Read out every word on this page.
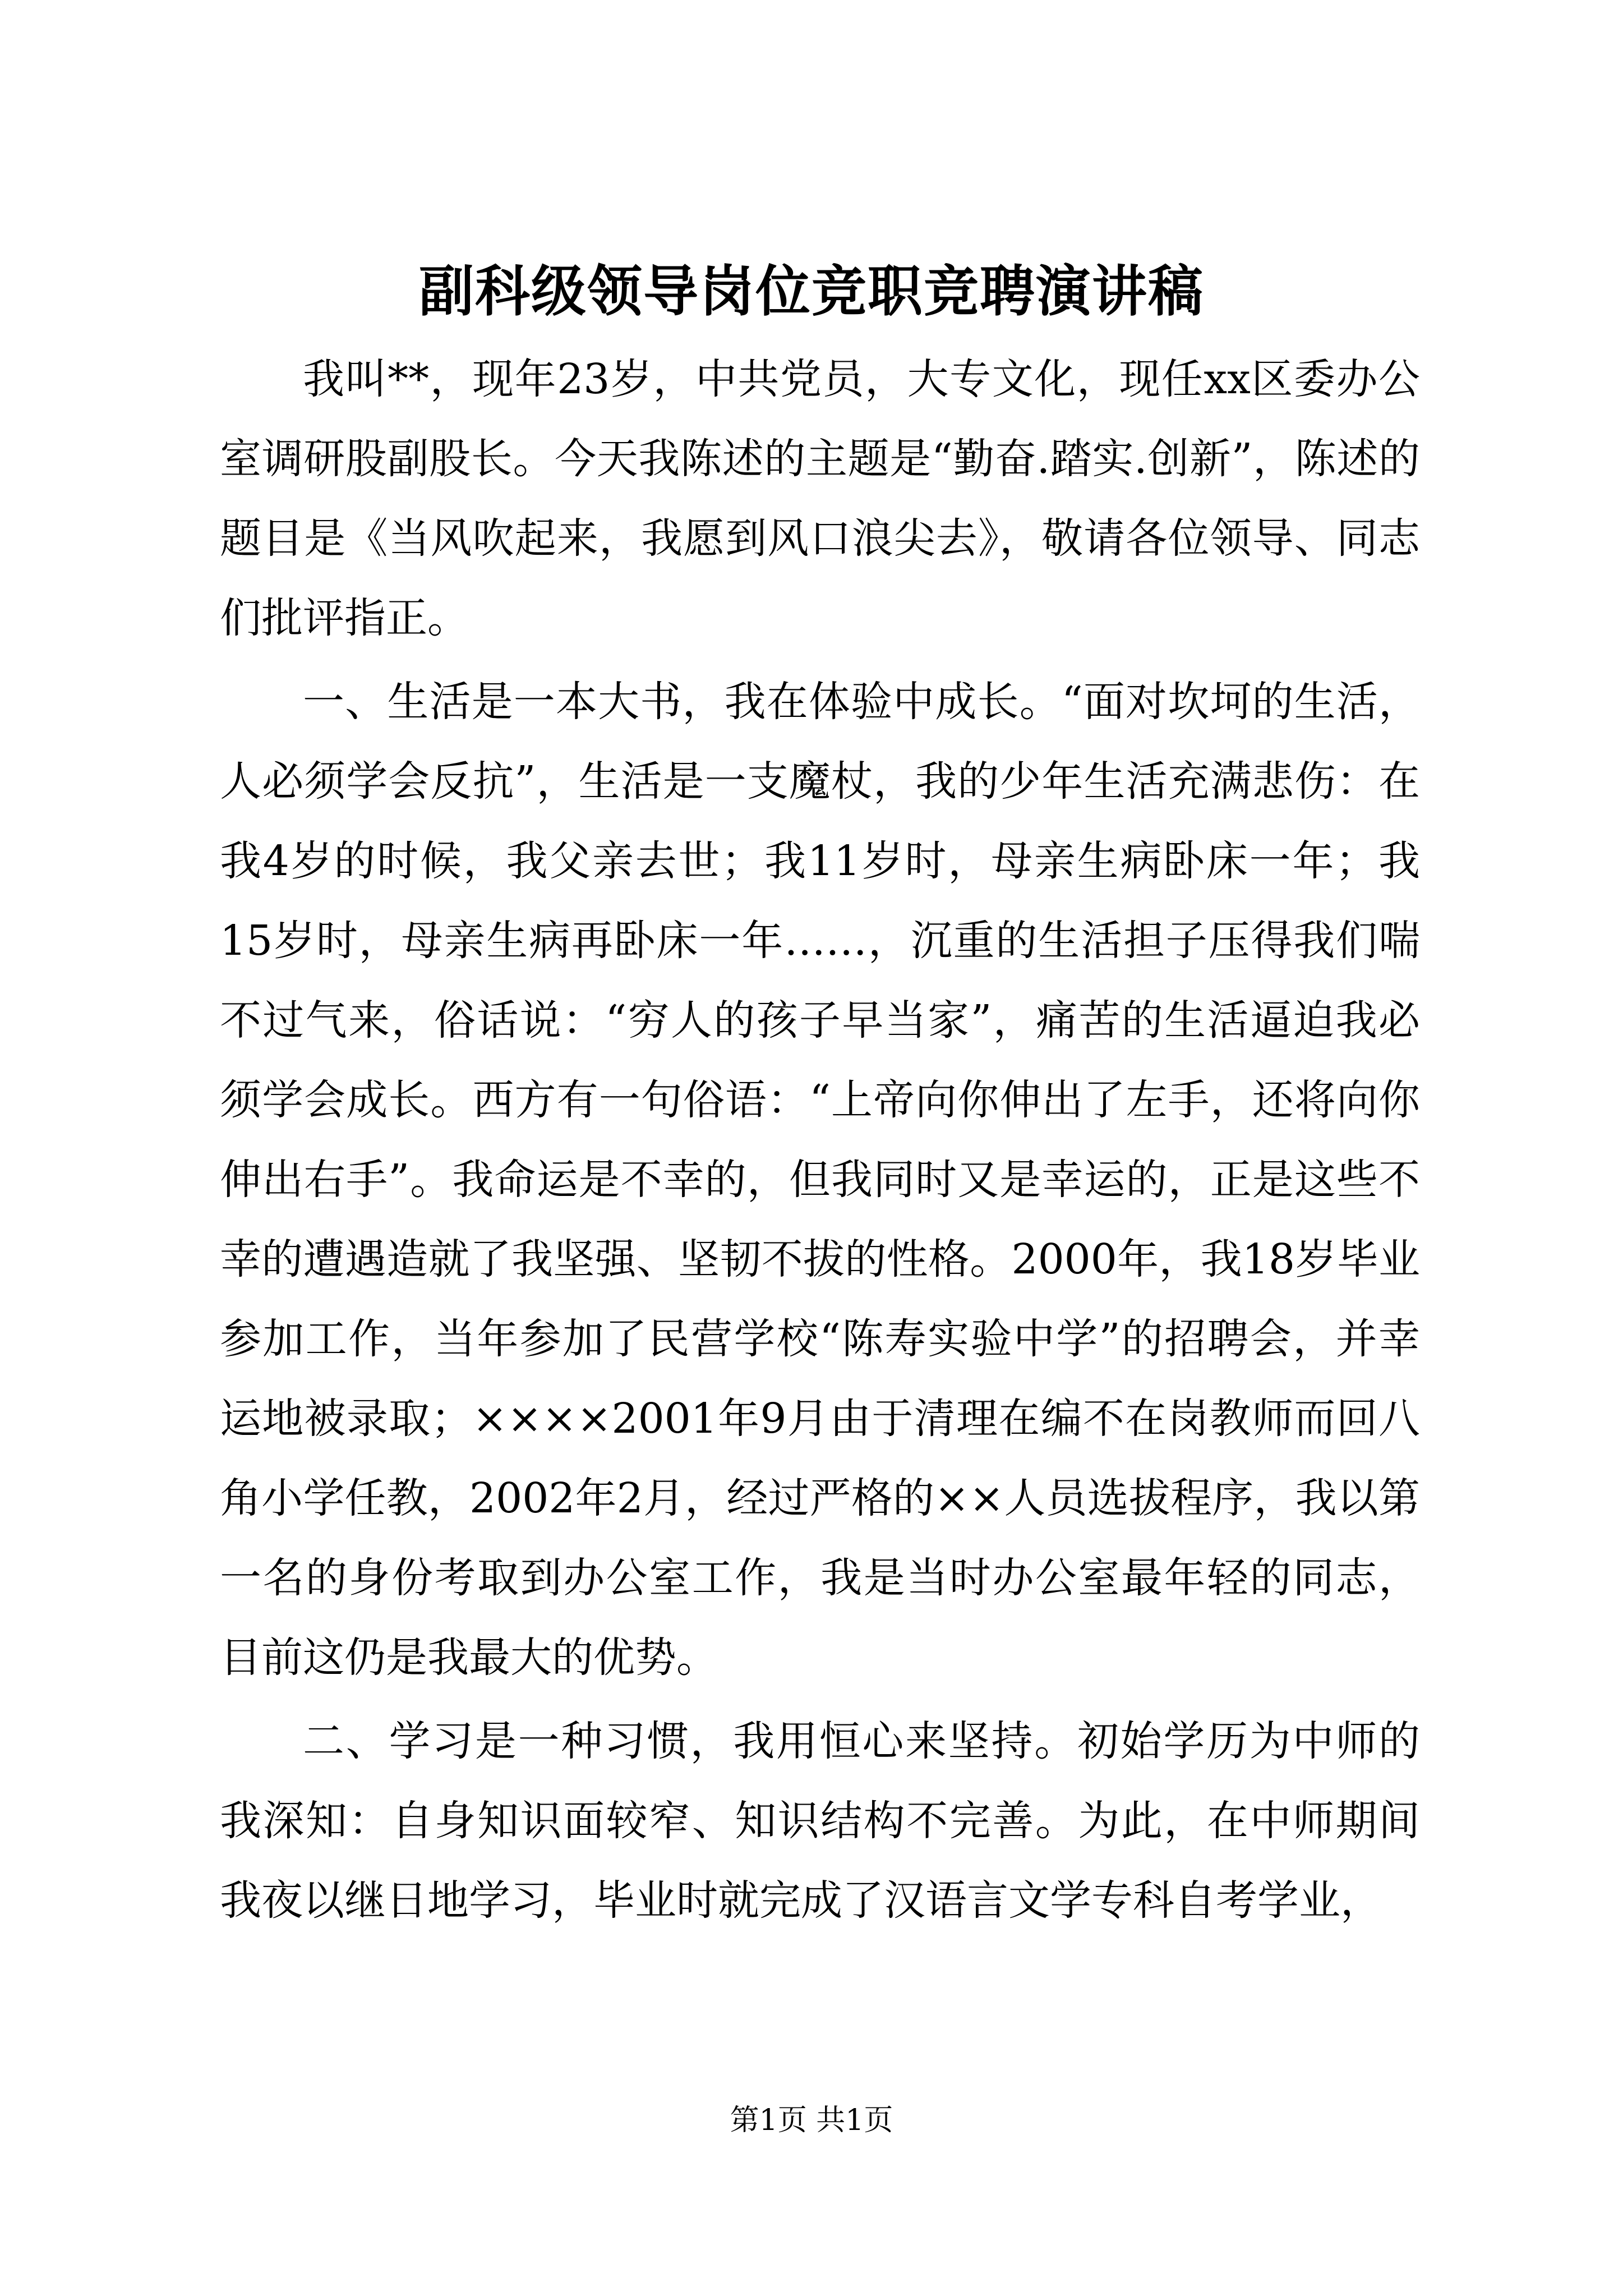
副科级领导岗位竞职竞聘演讲稿

我叫**，现年23岁，中共党员，大专文化，现任xx区委办公室调研股副股长。今天我陈述的主题是“勤奋.踏实.创新”，陈述的题目是《当风吹起来，我愿到风口浪尖去》，敬请各位领导、同志们批评指正。

一、生活是一本大书，我在体验中成长。“面对坎坷的生活，人必须学会反抗”，生活是一支魔杖，我的少年生活充满悲伤：在我4岁的时候，我父亲去世；我11岁时，母亲生病卧床一年；我15岁时，母亲生病再卧床一年……，沉重的生活担子压得我们喘不过气来，俗话说：“穷人的孩子早当家”，痛苦的生活逼迫我必须学会成长。西方有一句俗语：“上帝向你伸出了左手，还将向你伸出右手”。我命运是不幸的，但我同时又是幸运的，正是这些不幸的遭遇造就了我坚强、坚韧不拔的性格。2000年，我18岁毕业参加工作，当年参加了民营学校“陈寿实验中学”的招聘会，并幸运地被录取；××××2001年9月由于清理在编不在岗教师而回八角小学任教，2002年2月，经过严格的××人员选拔程序，我以第一名的身份考取到办公室工作，我是当时办公室最年轻的同志，目前这仍是我最大的优势。

二、学习是一种习惯，我用恒心来坚持。初始学历为中师的我深知：自身知识面较窄、知识结构不完善。为此，在中师期间我夜以继日地学习，毕业时就完成了汉语言文学专科自考学业，

第1页 共1页
